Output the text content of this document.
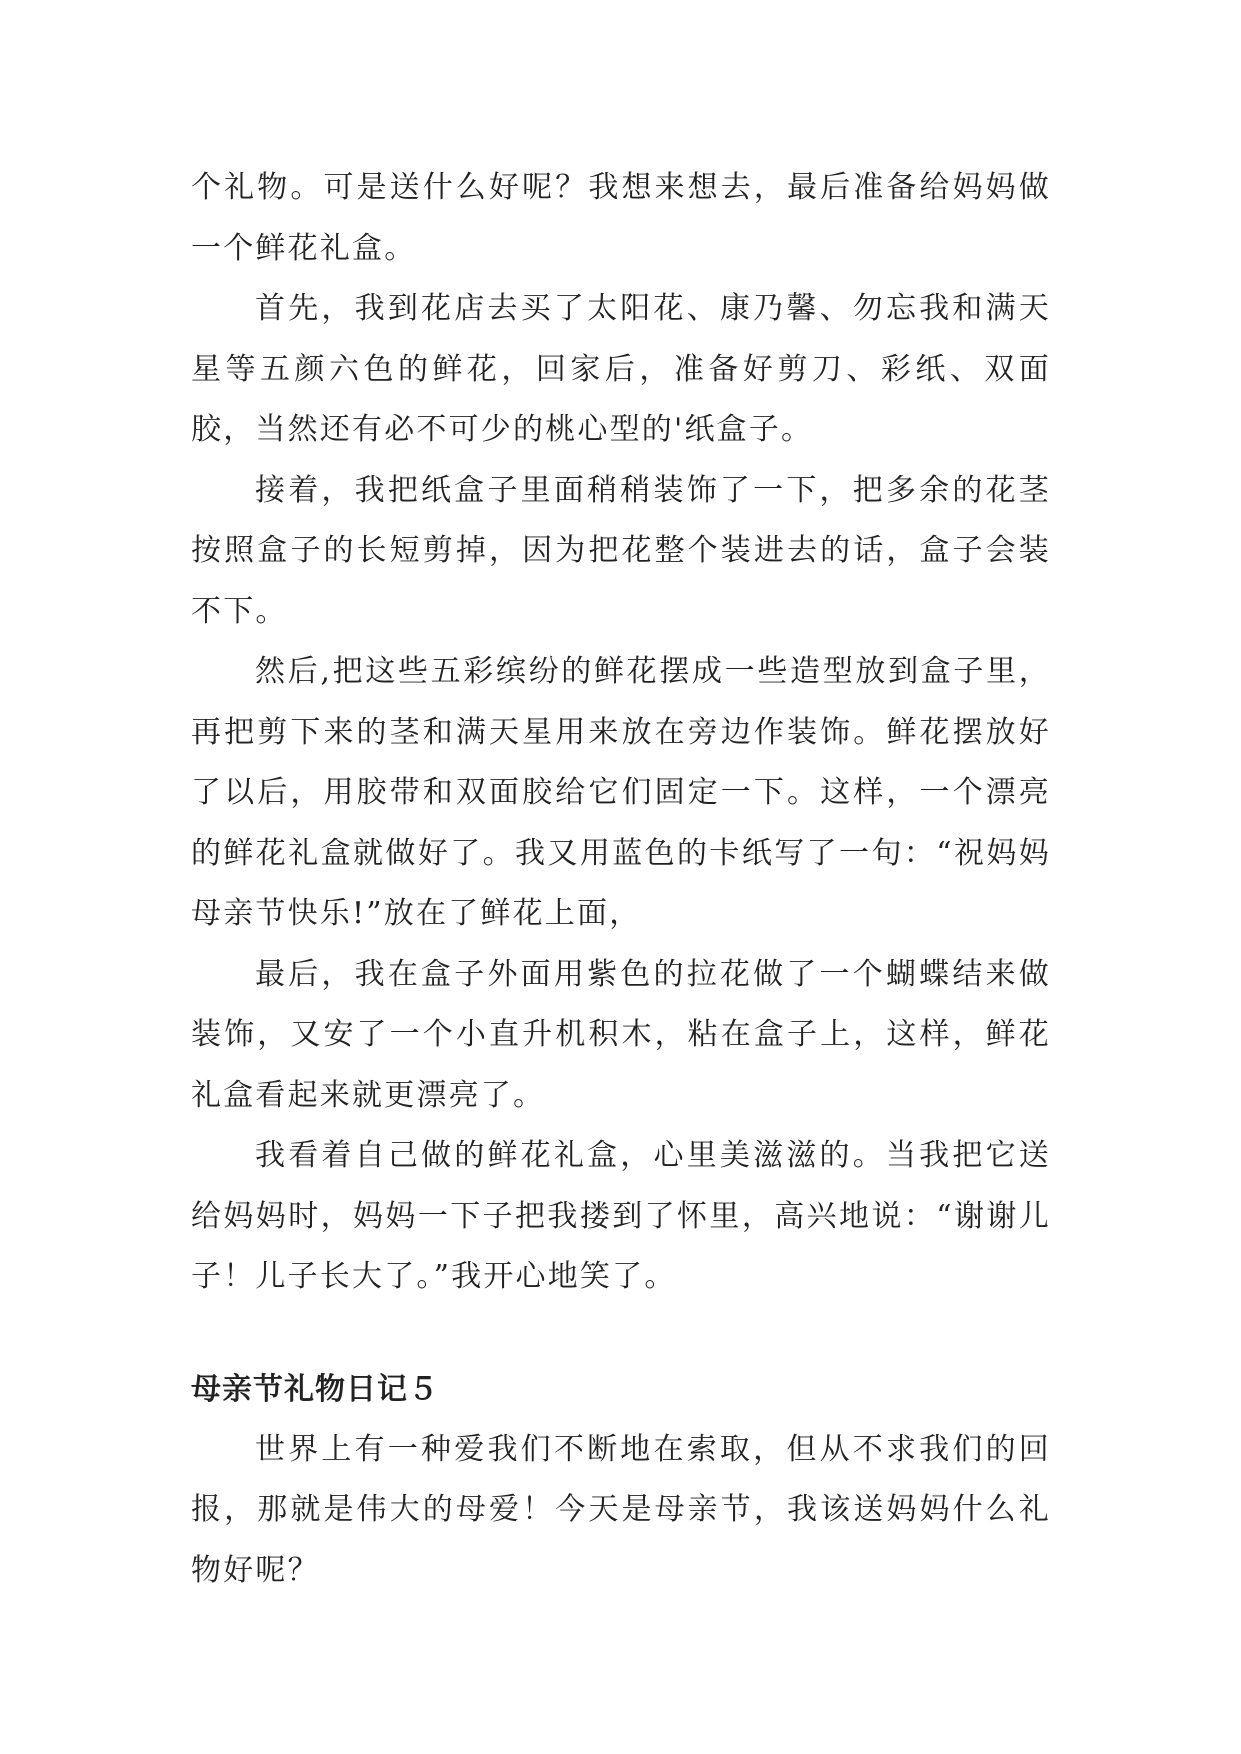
个礼物。可是送什么好呢？我想来想去，最后准备给妈妈做一个鲜花礼盒。

首先，我到花店去买了太阳花、康乃馨、勿忘我和满天星等五颜六色的鲜花，回家后，准备好剪刀、彩纸、双面胶，当然还有必不可少的桃心型的'纸盒子。

接着，我把纸盒子里面稍稍装饰了一下，把多余的花茎按照盒子的长短剪掉，因为把花整个装进去的话，盒子会装不下。

然后,把这些五彩缤纷的鲜花摆成一些造型放到盒子里，再把剪下来的茎和满天星用来放在旁边作装饰。鲜花摆放好了以后，用胶带和双面胶给它们固定一下。这样，一个漂亮的鲜花礼盒就做好了。我又用蓝色的卡纸写了一句：“祝妈妈母亲节快乐!”放在了鲜花上面，

最后，我在盒子外面用紫色的拉花做了一个蝴蝶结来做装饰，又安了一个小直升机积木，粘在盒子上，这样，鲜花礼盒看起来就更漂亮了。

我看着自己做的鲜花礼盒，心里美滋滋的。当我把它送给妈妈时，妈妈一下子把我搂到了怀里，高兴地说：“谢谢儿子！儿子长大了。”我开心地笑了。

母亲节礼物日记５

世界上有一种爱我们不断地在索取，但从不求我们的回报，那就是伟大的母爱！今天是母亲节，我该送妈妈什么礼物好呢？
